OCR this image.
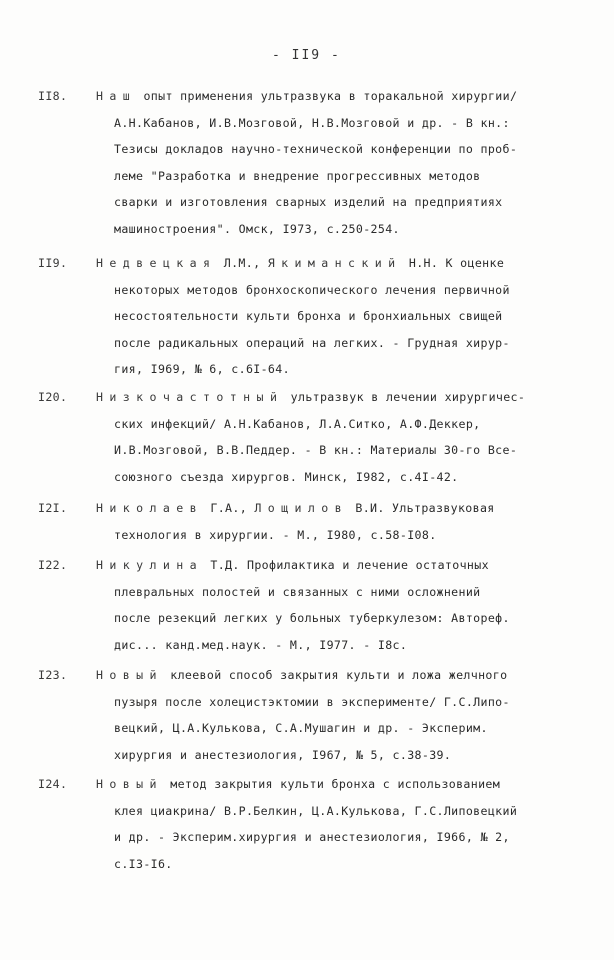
- II9 -
II8. Наш опыт применения ультразвука в торакальной хирургии/
А.Н.Кабанов, И.В.Мозговой, Н.В.Мозговой и др. - В кн.:
Тезисы докладов научно-технической конференции по проб-
леме "Разработка и внедрение прогрессивных методов
сварки и изготовления сварных изделий на предприятиях
машиностроения". Омск, I973, с.250-254.
II9. Недвецкая Л.М., Якиманский Н.Н. К оценке
некоторых методов бронхоскопического лечения первичной
несостоятельности культи бронха и бронхиальных свищей
после радикальных операций на легких. - Грудная хирур-
гия, I969, № 6, с.6I-64.
I20. Низкочастотный ультразвук в лечении хирургичес-
ских инфекций/ А.Н.Кабанов, Л.А.Ситко, А.Ф.Деккер,
И.В.Мозговой, В.В.Педдер. - В кн.: Материалы 30-го Все-
союзного съезда хирургов. Минск, I982, с.4I-42.
I2I. Николаев Г.А., Лощилов В.И. Ультразвуковая
технология в хирургии. - М., I980, с.58-I08.
I22. Никулина Т.Д. Профилактика и лечение остаточных
плевральных полостей и связанных с ними осложнений
после резекций легких у больных туберкулезом: Автореф.
дис... канд.мед.наук. - М., I977. - I8с.
I23. Новый клеевой способ закрытия культи и ложа желчного
пузыря после холецистэктомии в эксперименте/ Г.С.Липо-
вецкий, Ц.А.Кулькова, С.А.Мушагин и др. - Эксперим.
хирургия и анестезиология, I967, № 5, с.38-39.
I24. Новый метод закрытия культи бронха с использованием
клея циакрина/ В.Р.Белкин, Ц.А.Кулькова, Г.С.Липовецкий
и др. - Эксперим.хирургия и анестезиология, I966, № 2,
с.I3-I6.
